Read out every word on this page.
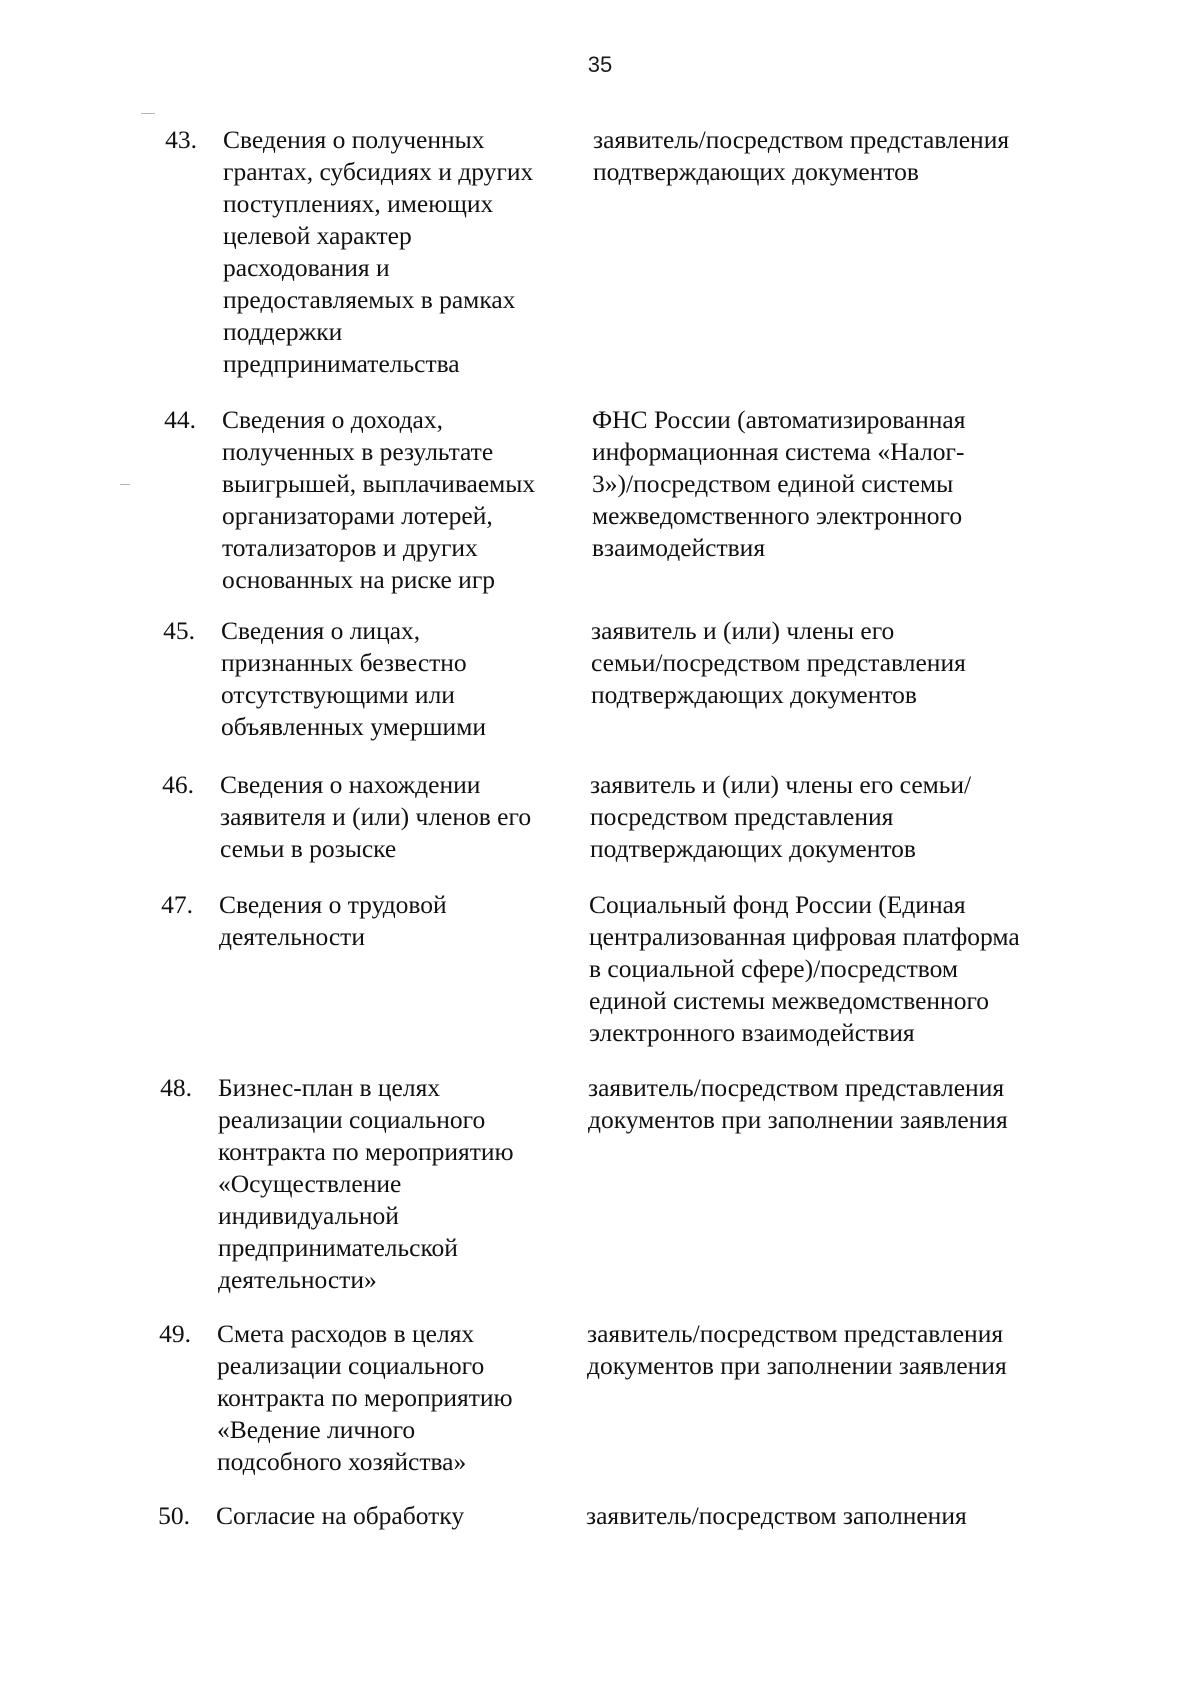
35
43. Сведения о полученных
грантах, субсидиях и других
поступлениях, имеющих
целевой характер
расходования и
предоставляемых в рамках
поддержки
предпринимательства
заявитель/посредством представления
подтверждающих документов
44. Сведения о доходах,
полученных в результате
выигрышей, выплачиваемых
организаторами лотерей,
тотализаторов и других
основанных на риске игр
ФНС России (автоматизированная
информационная система «Налог-
3»)/посредством единой системы
межведомственного электронного
взаимодействия
45. Сведения о лицах,
признанных безвестно
отсутствующими или
объявленных умершими
заявитель и (или) члены его
семьи/посредством представления
подтверждающих документов
46. Сведения о нахождении
заявителя и (или) членов его
семьи в розыске
заявитель и (или) члены его семьи/
посредством представления
подтверждающих документов
47. Сведения о трудовой
деятельности
Социальный фонд России (Единая
централизованная цифровая платформа
в социальной сфере)/посредством
единой системы межведомственного
электронного взаимодействия
48. Бизнес-план в целях
реализации социального
контракта по мероприятию
«Осуществление
индивидуальной
предпринимательской
деятельности»
заявитель/посредством представления
документов при заполнении заявления
49. Смета расходов в целях
реализации социального
контракта по мероприятию
«Ведение личного
подсобного хозяйства»
заявитель/посредством представления
документов при заполнении заявления
50. Согласие на обработку	заявитель/посредством заполнения
